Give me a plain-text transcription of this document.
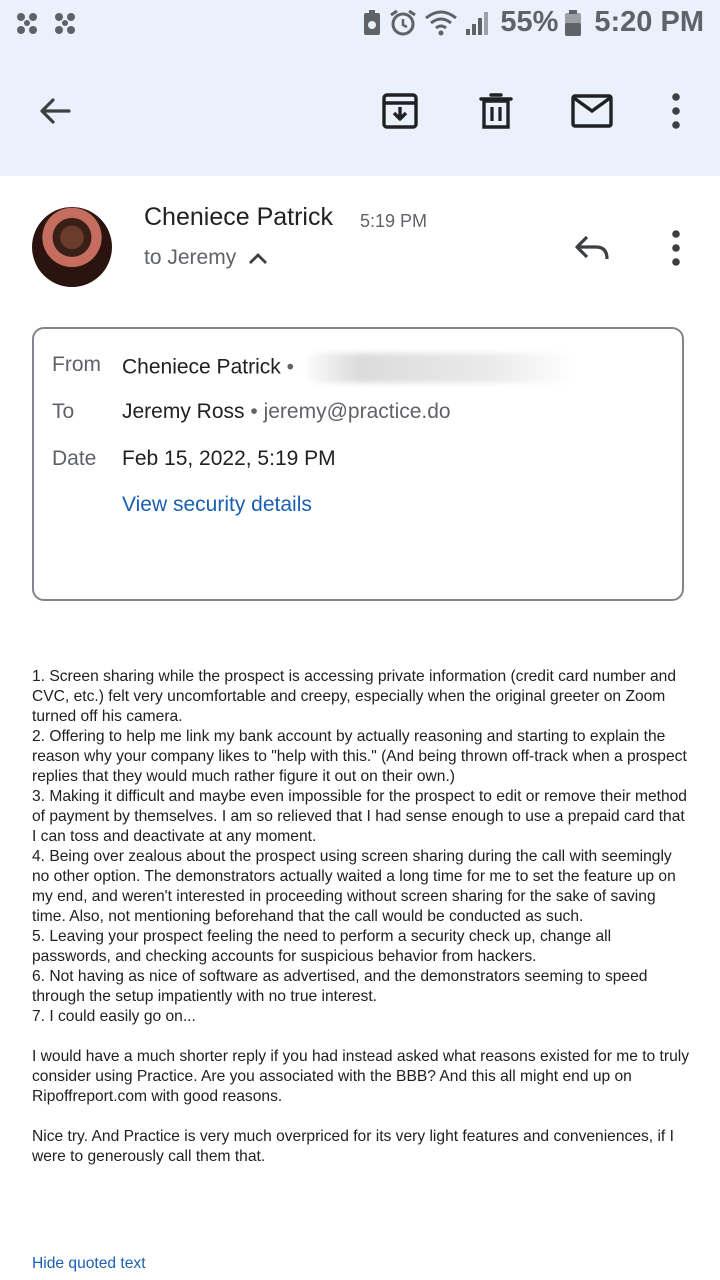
55% 5:20 PM
Cheniece Patrick 5:19 PM
to Jeremy
From Cheniece Patrick •
To Jeremy Ross • jeremy@practice.do
Date Feb 15, 2022, 5:19 PM
View security details

1. Screen sharing while the prospect is accessing private information (credit card number and CVC, etc.) felt very uncomfortable and creepy, especially when the original greeter on Zoom turned off his camera.

2. Offering to help me link my bank account by actually reasoning and starting to explain the reason why your company likes to "help with this." (And being thrown off-track when a prospect replies that they would much rather figure it out on their own.)

3. Making it difficult and maybe even impossible for the prospect to edit or remove their method of payment by themselves. I am so relieved that I had sense enough to use a prepaid card that I can toss and deactivate at any moment.

4. Being over zealous about the prospect using screen sharing during the call with seemingly no other option. The demonstrators actually waited a long time for me to set the feature up on my end, and weren't interested in proceeding without screen sharing for the sake of saving time. Also, not mentioning beforehand that the call would be conducted as such.

5. Leaving your prospect feeling the need to perform a security check up, change all passwords, and checking accounts for suspicious behavior from hackers.

6. Not having as nice of software as advertised, and the demonstrators seeming to speed through the setup impatiently with no true interest.

7. I could easily go on...

I would have a much shorter reply if you had instead asked what reasons existed for me to truly consider using Practice. Are you associated with the BBB? And this all might end up on Ripoffreport.com with good reasons.

Nice try. And Practice is very much overpriced for its very light features and conveniences, if I were to generously call them that.

Hide quoted text
